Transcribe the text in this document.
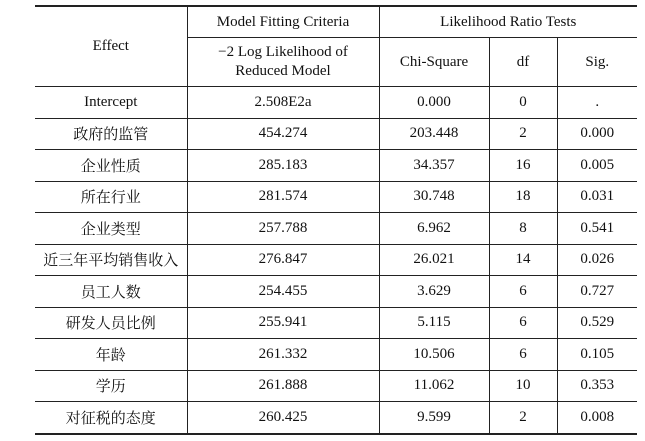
Effect	Model Fitting Criteria	Likelihood Ratio Tests		
	−2 Log Likelihood of
Reduced Model	Chi-Square	df	Sig.
Intercept	2.508E2a	0.000	0	.
政府的监管	454.274	203.448	2	0.000
企业性质	285.183	34.357	16	0.005
所在行业	281.574	30.748	18	0.031
企业类型	257.788	6.962	8	0.541
近三年平均销售收入	276.847	26.021	14	0.026
员工人数	254.455	3.629	6	0.727
研发人员比例	255.941	5.115	6	0.529
年龄	261.332	10.506	6	0.105
学历	261.888	11.062	10	0.353
对征税的态度	260.425	9.599	2	0.008
